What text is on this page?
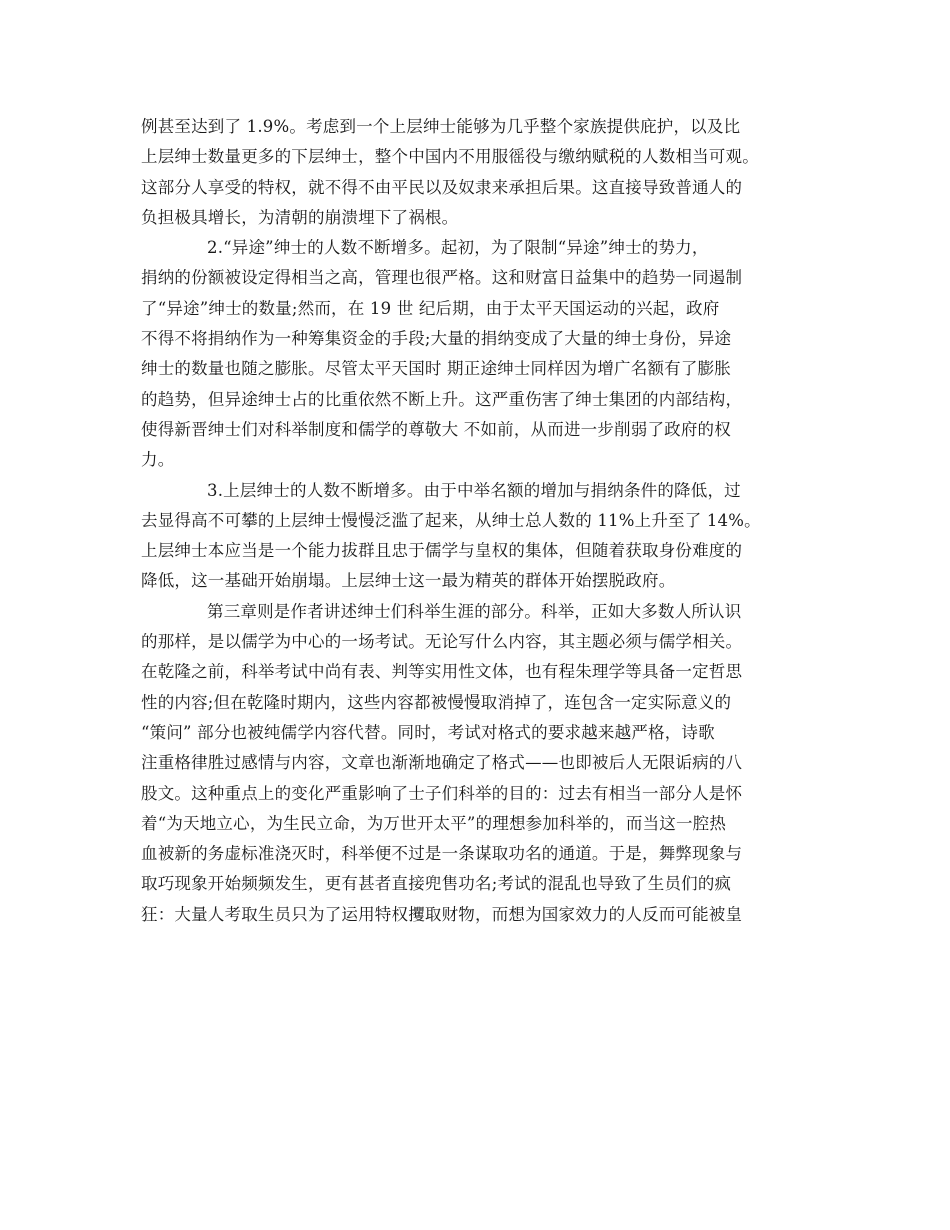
例甚至达到了 1.9%。考虑到一个上层绅士能够为几乎整个家族提供庇护，以及比
上层绅士数量更多的下层绅士，整个中国内不用服徭役与缴纳赋税的人数相当可观。
这部分人享受的特权，就不得不由平民以及奴隶来承担后果。这直接导致普通人的
负担极具增长，为清朝的崩溃埋下了祸根。
2.“异途”绅士的人数不断增多。起初，为了限制“异途”绅士的势力，
捐纳的份额被设定得相当之高，管理也很严格。这和财富日益集中的趋势一同遏制
了“异途”绅士的数量;然而，在 19 世 纪后期，由于太平天国运动的兴起，政府
不得不将捐纳作为一种筹集资金的手段;大量的捐纳变成了大量的绅士身份，异途
绅士的数量也随之膨胀。尽管太平天国时 期正途绅士同样因为增广名额有了膨胀
的趋势，但异途绅士占的比重依然不断上升。这严重伤害了绅士集团的内部结构，
使得新晋绅士们对科举制度和儒学的尊敬大 不如前，从而进一步削弱了政府的权
力。
3.上层绅士的人数不断增多。由于中举名额的增加与捐纳条件的降低，过
去显得高不可攀的上层绅士慢慢泛滥了起来，从绅士总人数的 11%上升至了 14%。
上层绅士本应当是一个能力拔群且忠于儒学与皇权的集体，但随着获取身份难度的
降低，这一基础开始崩塌。上层绅士这一最为精英的群体开始摆脱政府。
第三章则是作者讲述绅士们科举生涯的部分。科举，正如大多数人所认识
的那样，是以儒学为中心的一场考试。无论写什么内容，其主题必须与儒学相关。
在乾隆之前，科举考试中尚有表、判等实用性文体，也有程朱理学等具备一定哲思
性的内容;但在乾隆时期内，这些内容都被慢慢取消掉了，连包含一定实际意义的
“策问” 部分也被纯儒学内容代替。同时，考试对格式的要求越来越严格，诗歌
注重格律胜过感情与内容，文章也渐渐地确定了格式——也即被后人无限诟病的八
股文。这种重点上的变化严重影响了士子们科举的目的：过去有相当一部分人是怀
着“为天地立心，为生民立命，为万世开太平”的理想参加科举的，而当这一腔热
血被新的务虚标准浇灭时，科举便不过是一条谋取功名的通道。于是，舞弊现象与
取巧现象开始频频发生，更有甚者直接兜售功名;考试的混乱也导致了生员们的疯
狂：大量人考取生员只为了运用特权攫取财物，而想为国家效力的人反而可能被皇
